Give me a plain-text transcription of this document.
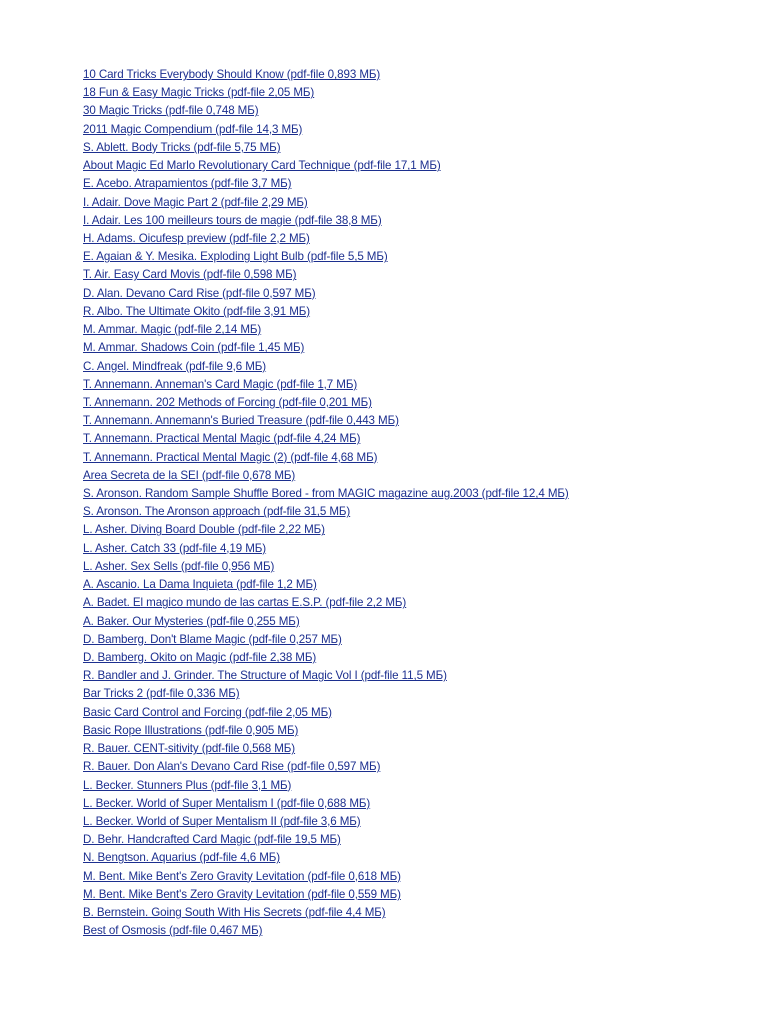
10 Card Tricks Everybody Should Know (pdf-file 0,893 МБ)
18 Fun & Easy Magic Tricks (pdf-file 2,05 МБ)
30 Magic Tricks (pdf-file 0,748 МБ)
2011 Magic Compendium (pdf-file 14,3 МБ)
S. Ablett. Body Tricks (pdf-file 5,75 МБ)
About Magic Ed Marlo Revolutionary Card Technique (pdf-file 17,1 МБ)
E. Acebo. Atrapamientos (pdf-file 3,7 МБ)
I. Adair. Dove Magic Part 2 (pdf-file 2,29 МБ)
I. Adair. Les 100 meilleurs tours de magie (pdf-file 38,8 МБ)
H. Adams. Oicufesp preview (pdf-file 2,2 МБ)
E. Agaian & Y. Mesika. Exploding Light Bulb (pdf-file 5,5 МБ)
T. Air. Easy Card Movis (pdf-file 0,598 МБ)
D. Alan. Devano Card Rise (pdf-file 0,597 МБ)
R. Albo. The Ultimate Okito (pdf-file 3,91 МБ)
M. Ammar. Magic (pdf-file 2,14 МБ)
M. Ammar. Shadows Coin (pdf-file 1,45 МБ)
C. Angel. Mindfreak (pdf-file 9,6 МБ)
T. Annemann. Anneman's Card Magic (pdf-file 1,7 МБ)
T. Annemann. 202 Methods of Forcing (pdf-file 0,201 МБ)
T. Annemann. Annemann's Buried Treasure (pdf-file 0,443 МБ)
T. Annemann. Practical Mental Magic (pdf-file 4,24 МБ)
T. Annemann. Practical Mental Magic (2) (pdf-file 4,68 МБ)
Area Secreta de la SEI (pdf-file 0,678 МБ)
S. Aronson. Random Sample Shuffle Bored - from MAGIC magazine aug.2003 (pdf-file 12,4 МБ)
S. Aronson. The Aronson approach (pdf-file 31,5 МБ)
L. Asher. Diving Board Double (pdf-file 2,22 МБ)
L. Asher. Catch 33 (pdf-file 4,19 МБ)
L. Asher. Sex Sells (pdf-file 0,956 МБ)
A. Ascanio. La Dama Inquieta (pdf-file 1,2 МБ)
A. Badet. El magico mundo de las cartas E.S.P. (pdf-file 2,2 МБ)
A. Baker. Our Mysteries (pdf-file 0,255 МБ)
D. Bamberg. Don't Blame Magic (pdf-file 0,257 МБ)
D. Bamberg. Okito on Magic (pdf-file 2,38 МБ)
R. Bandler and J. Grinder. The Structure of Magic Vol I (pdf-file 11,5 МБ)
Bar Tricks 2 (pdf-file 0,336 МБ)
Basic Card Control and Forcing (pdf-file 2,05 МБ)
Basic Rope Illustrations (pdf-file 0,905 МБ)
R. Bauer. CENT-sitivity (pdf-file 0,568 МБ)
R. Bauer. Don Alan's Devano Card Rise (pdf-file 0,597 МБ)
L. Becker. Stunners Plus (pdf-file 3,1 МБ)
L. Becker. World of Super Mentalism I (pdf-file 0,688 МБ)
L. Becker. World of Super Mentalism II (pdf-file 3,6 МБ)
D. Behr. Handcrafted Card Magic (pdf-file 19,5 МБ)
N. Bengtson. Aquarius (pdf-file 4,6 МБ)
M. Bent. Mike Bent's Zero Gravity Levitation (pdf-file 0,618 МБ)
M. Bent. Mike Bent's Zero Gravity Levitation (pdf-file 0,559 МБ)
B. Bernstein. Going South With His Secrets (pdf-file 4,4 МБ)
Best of Osmosis (pdf-file 0,467 МБ)
